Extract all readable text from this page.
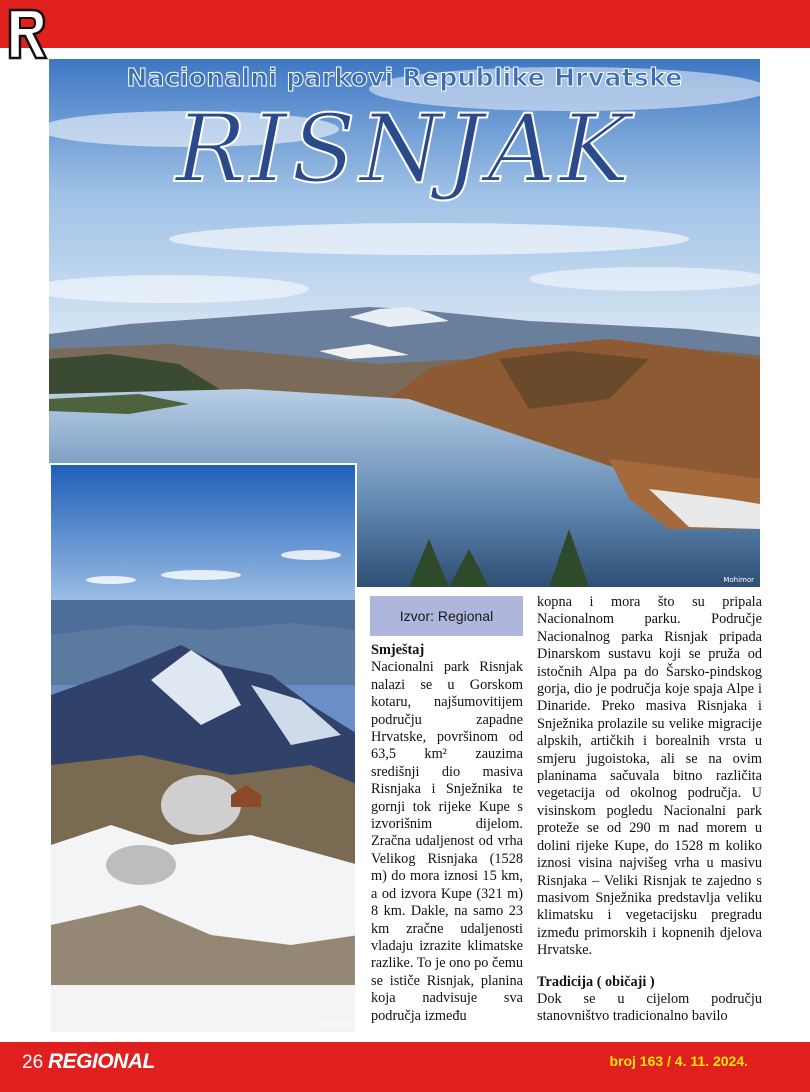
Nacionalni parkovi Republike Hrvatske
RISNJAK
Mohimor
Mohimor
Izvor: Regional

Smještaj

Nacionalni park Risnjak nalazi se u Gorskom kotaru, najšumovitijem području zapadne Hrvatske, površinom od 63,5 km² zauzima središnji dio masiva Risnjaka i Snježnika te gornji tok rijeke Kupe s izvorišnim dijelom. Zračna udaljenost od vrha Velikog Risnjaka (1528 m) do mora iznosi 15 km, a od izvora Kupe (321 m) 8 km. Dakle, na samo 23 km zračne udaljenosti vladaju izrazite klimatske razlike. To je ono po čemu se ističe Risnjak, planina koja nadvisuje sva područja između

kopna i mora što su pripala Nacionalnom parku. Područje Nacionalnog parka Risnjak pripada Dinarskom sustavu koji se pruža od istočnih Alpa pa do Šarsko-pindskog gorja, dio je područja koje spaja Alpe i Dinaride. Preko masiva Risnjaka i Snježnika prolazile su velike migracije alpskih, artičkih i borealnih vrsta u smjeru jugoistoka, ali se na ovim planinama sačuvala bitno različita vegetacija od okolnog područja. U visinskom pogledu Nacionalni park proteže se od 290 m nad morem u dolini rijeke Kupe, do 1528 m koliko iznosi visina najvišeg vrha u masivu Risnjaka – Veliki Risnjak te zajedno s masivom Snježnika predstavlja veliku klimatsku i vegetacijsku pregradu između primorskih i kopnenih djelova Hrvatske.

Tradicija ( običaji )

Dok se u cijelom području stanovništvo tradicionalno bavilo

26 REGIONAL	broj 163 / 4. 11. 2024.
